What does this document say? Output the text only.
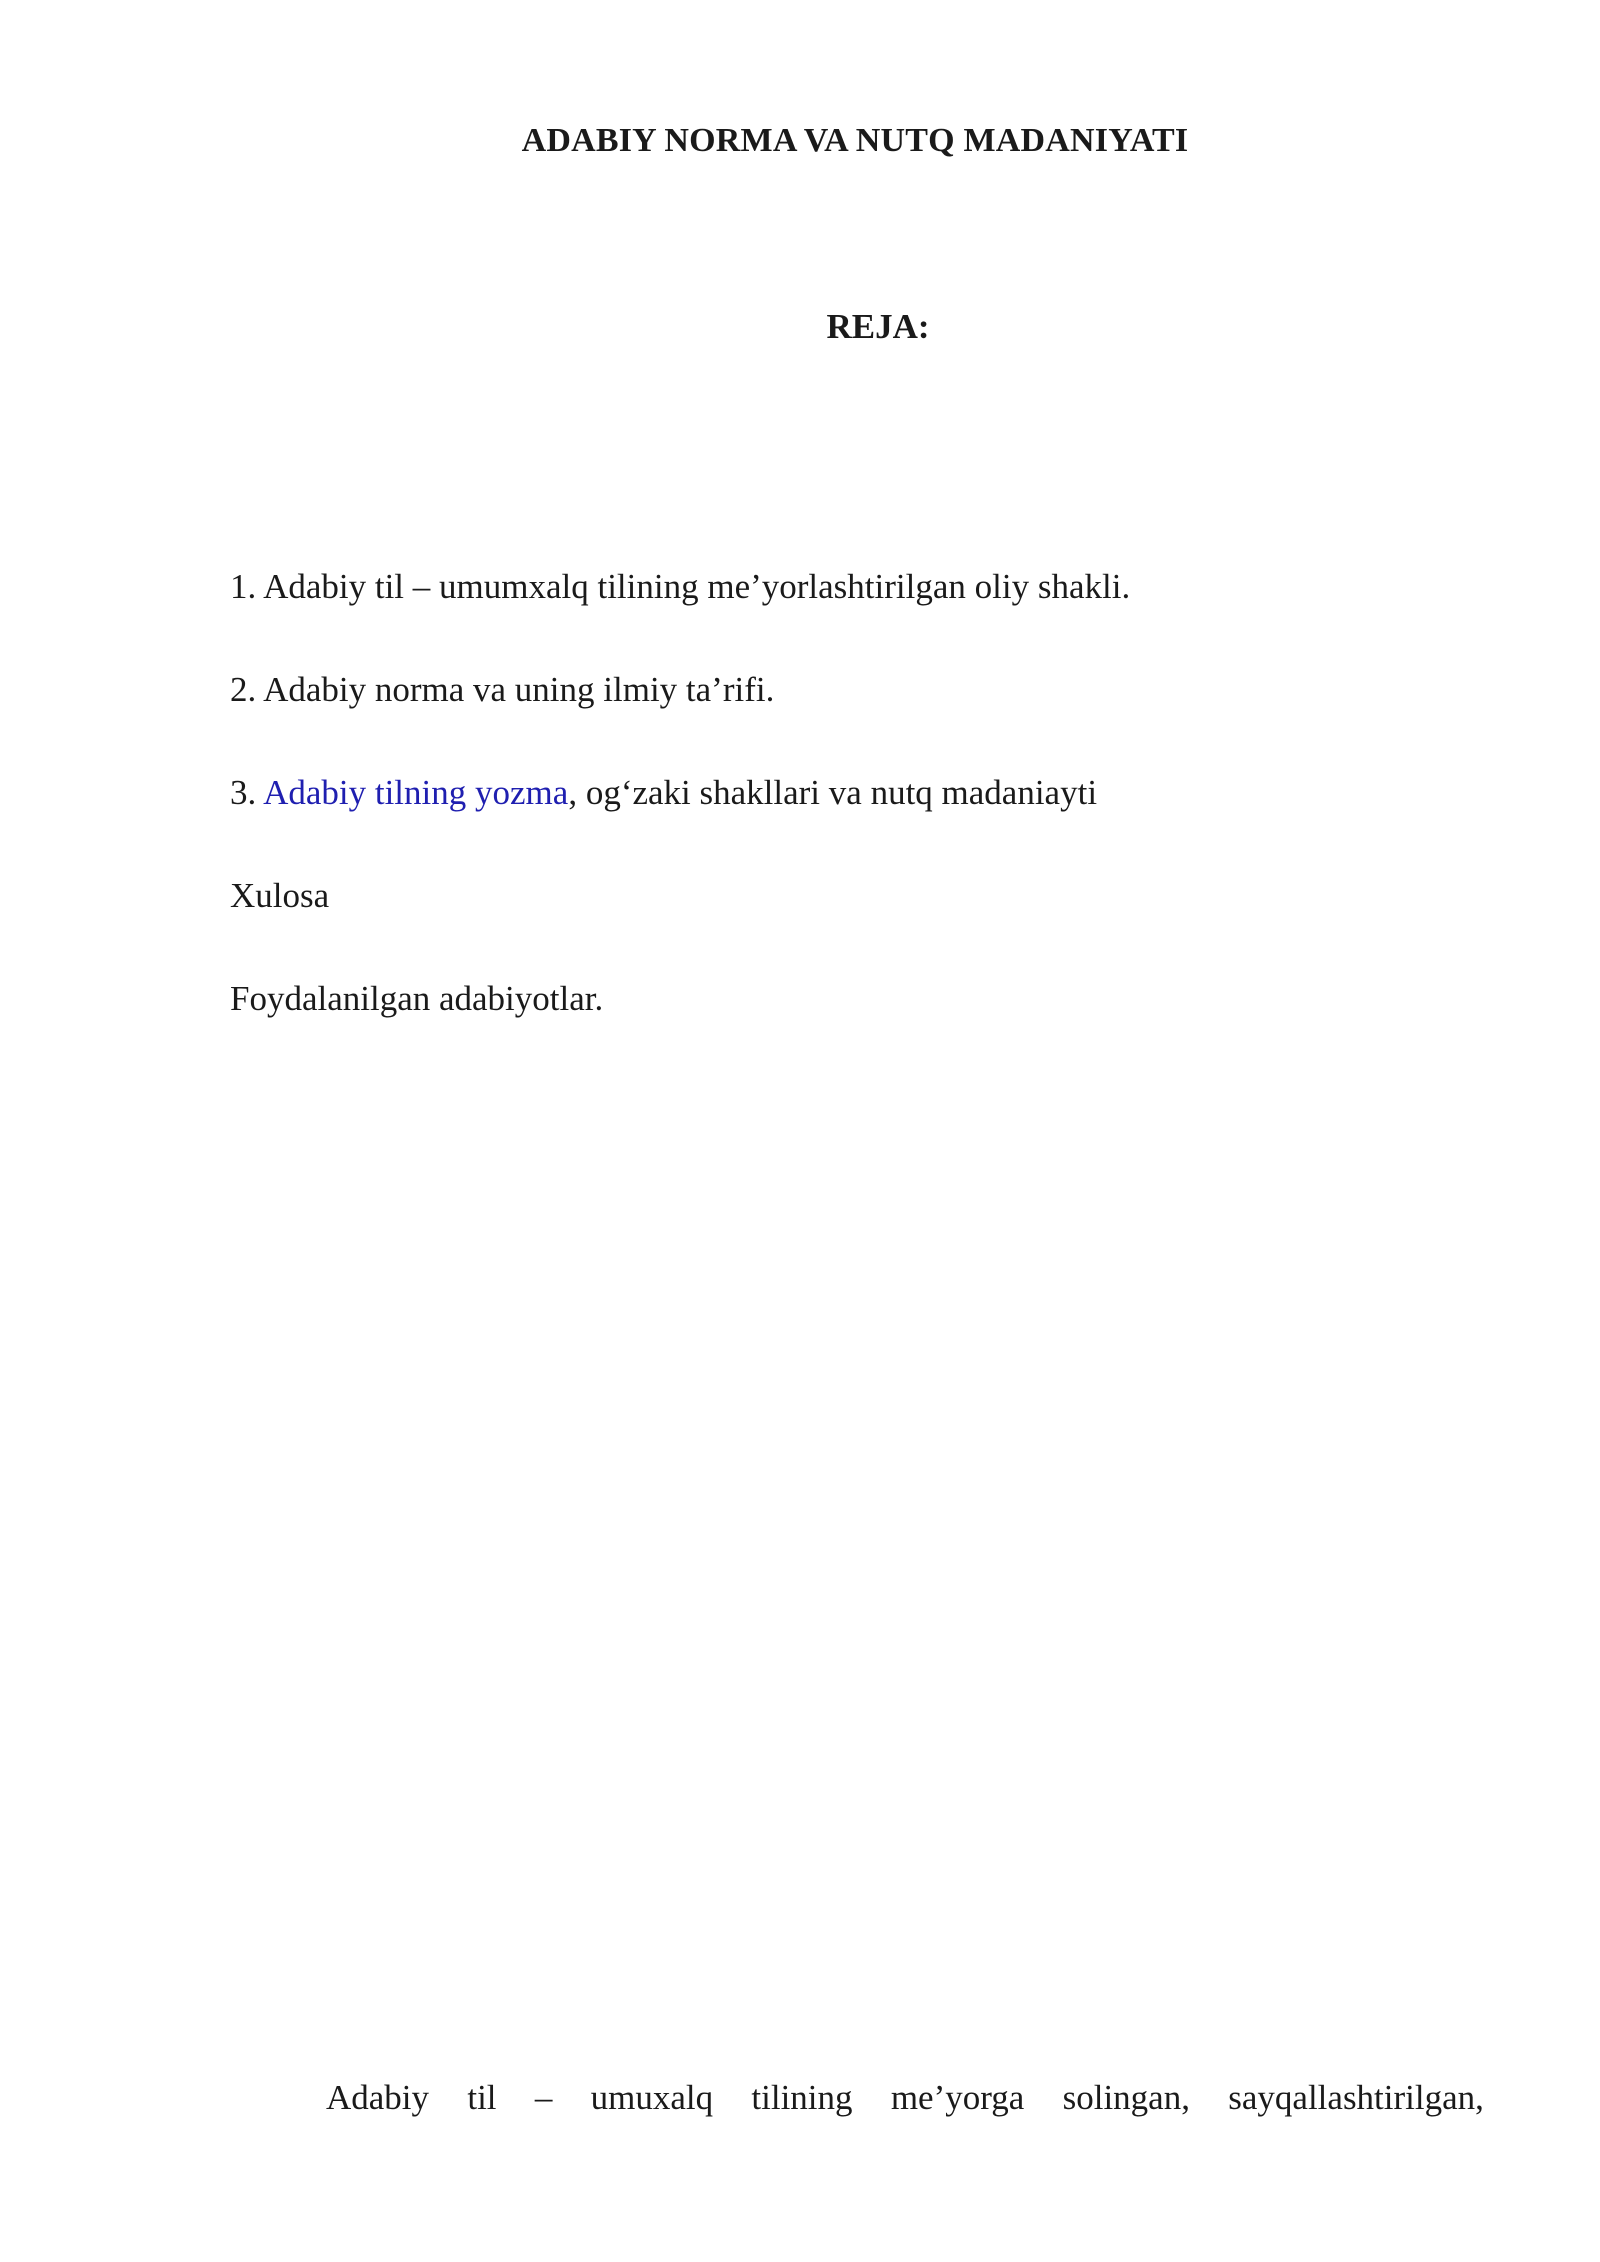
ADABIY NORMA VA NUTQ MADANIYATI
REJA:
1. Adabiy til – umumxalq tilining me’yorlashtirilgan oliy shakli.
2. Adabiy norma va uning ilmiy ta’rifi.
3. Adabiy tilning yozma, og‘zaki shakllari va nutq madaniayti
Xulosa
Foydalanilgan adabiyotlar.

Adabiy til – umuxalq tilining me’yorga solingan, sayqallashtirilgan,
